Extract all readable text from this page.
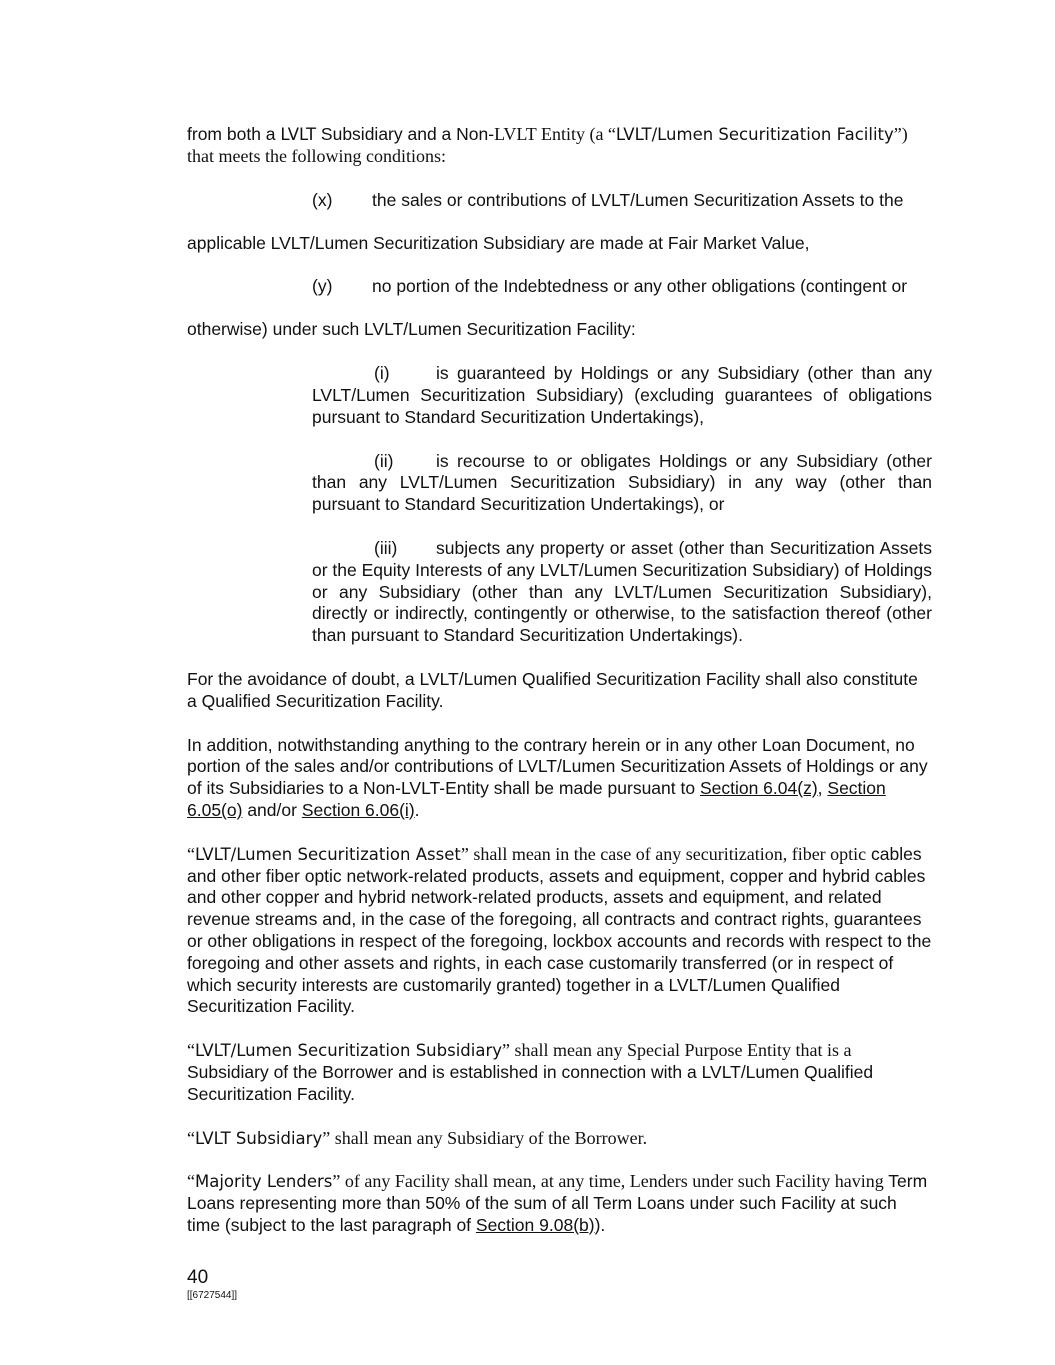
from both a LVLT Subsidiary and a Non-LVLT Entity (a “LVLT/Lumen Securitization Facility”) that meets the following conditions:

(x)	the sales or contributions of LVLT/Lumen Securitization Assets to the

applicable LVLT/Lumen Securitization Subsidiary are made at Fair Market Value,

(y)	no portion of the Indebtedness or any other obligations (contingent or

otherwise) under such LVLT/Lumen Securitization Facility:

(i)	is guaranteed by Holdings or any Subsidiary (other than any LVLT/Lumen Securitization Subsidiary) (excluding guarantees of obligations pursuant to Standard Securitization Undertakings),

(ii) is recourse to or obligates Holdings or any Subsidiary (other than any LVLT/Lumen Securitization Subsidiary) in any way (other than pursuant to Standard Securitization Undertakings), or

(iii) subjects any property or asset (other than Securitization Assets or the Equity Interests of any LVLT/Lumen Securitization Subsidiary) of Holdings or any Subsidiary (other than any LVLT/Lumen Securitization Subsidiary), directly or indirectly, contingently or otherwise, to the satisfaction thereof (other than pursuant to Standard Securitization Undertakings).

For the avoidance of doubt, a LVLT/Lumen Qualified Securitization Facility shall also constitute a Qualified Securitization Facility.

In addition, notwithstanding anything to the contrary herein or in any other Loan Document, no portion of the sales and/or contributions of LVLT/Lumen Securitization Assets of Holdings or any of its Subsidiaries to a Non-LVLT-Entity shall be made pursuant to Section 6.04(z), Section 6.05(o) and/or Section 6.06(i).

“LVLT/Lumen Securitization Asset” shall mean in the case of any securitization, fiber optic cables and other fiber optic network-related products, assets and equipment, copper and hybrid cables and other copper and hybrid network-related products, assets and equipment, and related revenue streams and, in the case of the foregoing, all contracts and contract rights, guarantees or other obligations in respect of the foregoing, lockbox accounts and records with respect to the foregoing and other assets and rights, in each case customarily transferred (or in respect of which security interests are customarily granted) together in a LVLT/Lumen Qualified Securitization Facility.

“LVLT/Lumen Securitization Subsidiary” shall mean any Special Purpose Entity that is a Subsidiary of the Borrower and is established in connection with a LVLT/Lumen Qualified Securitization Facility.

“LVLT Subsidiary” shall mean any Subsidiary of the Borrower.

“Majority Lenders” of any Facility shall mean, at any time, Lenders under such Facility having Term Loans representing more than 50% of the sum of all Term Loans under such Facility at such time (subject to the last paragraph of Section 9.08(b)).

40
[[6727544]]
